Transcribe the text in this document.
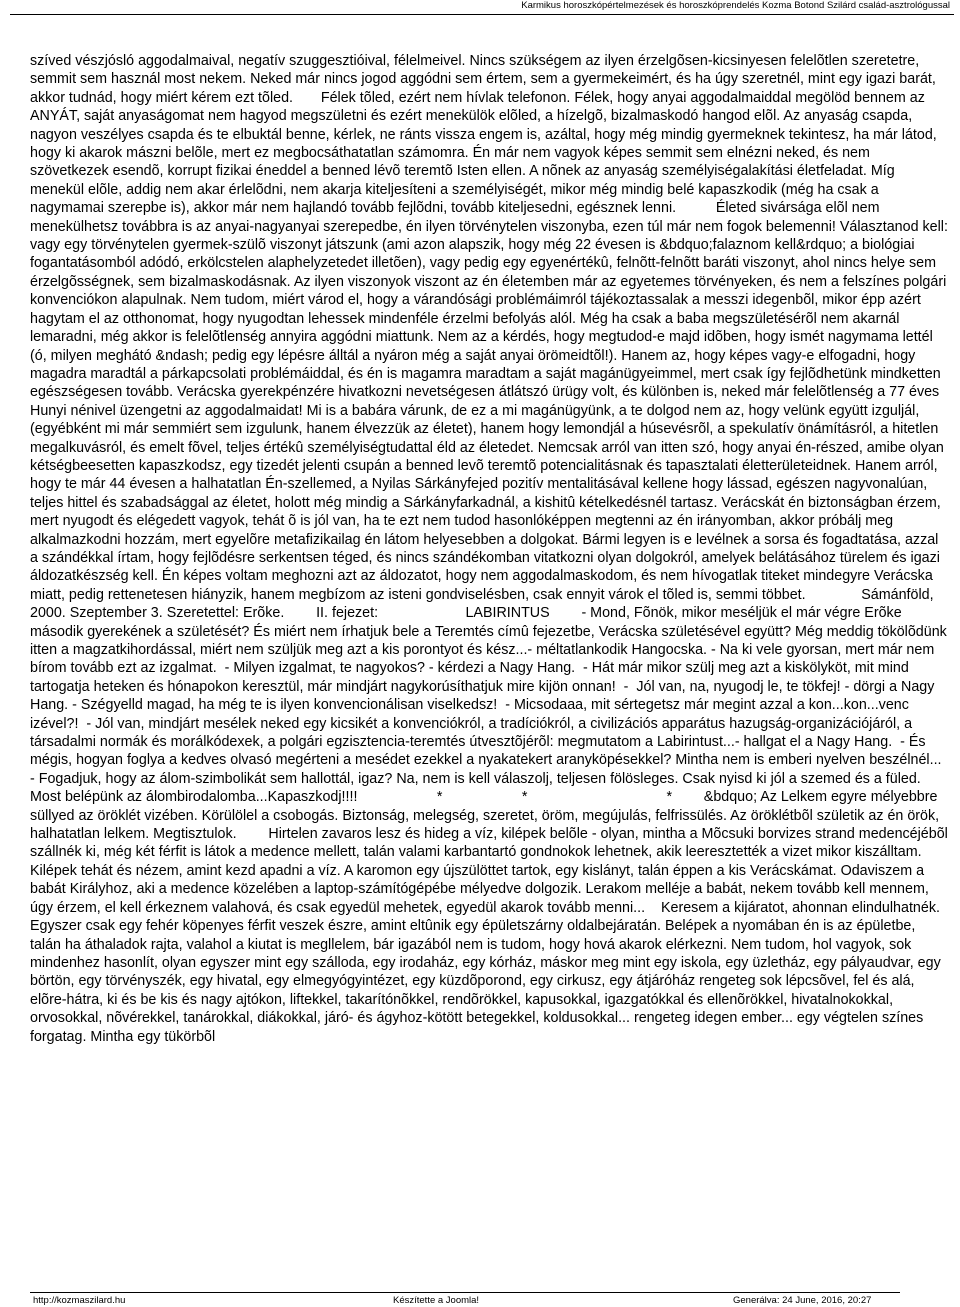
Karmikus horoszkópértelmezések és horoszkóprendelés Kozma Botond Szilárd család-asztrológussal
szíved vészjósló aggodalmaival, negatív szuggesztióival, félelmeivel. Nincs szükségem az ilyen érzelgõsen-kicsinyesen felelõtlen szeretetre, semmit sem használ most nekem. Neked már nincs jogod aggódni sem értem, sem a gyermekeimért, és ha úgy szeretnél, mint egy igazi barát, akkor tudnád, hogy miért kérem ezt tõled.       Félek tõled, ezért nem hívlak telefonon. Félek, hogy anyai aggodalmaiddal megölöd bennem az ANYÁT, saját anyaságomat nem hagyod megszületni és ezért menekülök elõled, a hízelgõ, bizalmaskodó hangod elõl. Az anyaság csapda, nagyon veszélyes csapda és te elbuktál benne, kérlek, ne ránts vissza engem is, azáltal, hogy még mindig gyermeknek tekintesz, ha már látod, hogy ki akarok mászni belõle, mert ez megbocsáthatatlan számomra. Én már nem vagyok képes semmit sem elnézni neked, és nem szövetkezek esendõ, korrupt fizikai éneddel a benned lévõ teremtõ Isten ellen. A nõnek az anyaság személyiségalakítási életfeladat. Míg menekül elõle, addig nem akar érlelõdni, nem akarja kiteljesíteni a személyiségét, mikor még mindig belé kapaszkodik (még ha csak a nagymamai szerepbe is), akkor már nem hajlandó tovább fejlõdni, tovább kiteljesedni, egésznek lenni.          Életed sivársága elõl nem menekülhetsz továbbra is az anyai-nagyanyai szerepedbe, én ilyen törvénytelen viszonyba, ezen túl már nem fogok belemenni! Választanod kell: vagy egy törvénytelen gyermek-szülõ viszonyt játszunk (ami azon alapszik, hogy még 22 évesen is &bdquo;falaznom kell&rdquo; a biológiai fogantatásomból adódó, erkölcstelen alaphelyzetedet illetõen), vagy pedig egy egyenértékû, felnõtt-felnõtt baráti viszonyt, ahol nincs helye sem érzelgõsségnek, sem bizalmaskodásnak. Az ilyen viszonyok viszont az én életemben már az egyetemes törvényeken, és nem a felszínes polgári konvenciókon alapulnak. Nem tudom, miért várod el, hogy a várandósági problémáimról tájékoztassalak a messzi idegenbõl, mikor épp azért hagytam el az otthonomat, hogy nyugodtan lehessek mindenféle érzelmi befolyás alól. Még ha csak a baba megszületésérõl nem akarnál lemaradni, még akkor is felelõtlenség annyira aggódni miattunk. Nem az a kérdés, hogy megtudod-e majd idõben, hogy ismét nagymama lettél (ó, milyen meghátó &ndash; pedig egy lépésre álltál a nyáron még a saját anyai örömeidtõl!). Hanem az, hogy képes vagy-e elfogadni, hogy magadra maradtál a párkapcsolati problémáiddal, és én is magamra maradtam a saját magánügyeimmel, mert csak így fejlõdhetünk mindketten egészségesen tovább. Verácska gyerekpénzére hivatkozni nevetségesen átlátszó ürügy volt, és különben is, neked már felelõtlenség a 77 éves Hunyi nénivel üzengetni az aggodalmaidat! Mi is a babára várunk, de ez a mi magánügyünk, a te dolgod nem az, hogy velünk együtt izguljál, (egyébként mi már semmiért sem izgulunk, hanem élvezzük az életet), hanem hogy lemondjál a húsevésrõl, a spekulatív önámításról, a hitetlen megalkuvásról, és emelt fõvel, teljes értékû személyiségtudattal éld az életedet. Nemcsak arról van itten szó, hogy anyai én-részed, amibe olyan kétségbeesetten kapaszkodsz, egy tizedét jelenti csupán a benned levõ teremtõ potencialitásnak és tapasztalati életterületeidnek. Hanem arról, hogy te már 44 évesen a halhatatlan Én-szellemed, a Nyilas Sárkányfejed pozitív mentalitásával kellene hogy lássad, egészen nagyvonalúan, teljes hittel és szabadsággal az életet, holott még mindig a Sárkányfarkadnál, a kishitû kételkedésnél tartasz. Verácskát én biztonságban érzem, mert nyugodt és elégedett vagyok, tehát õ is jól van, ha te ezt nem tudod hasonlóképpen megtenni az én irányomban, akkor próbálj meg alkalmazkodni hozzám, mert egyelõre metafizikailag én látom helyesebben a dolgokat. Bármi legyen is e levélnek a sorsa és fogadtatása, azzal a szándékkal írtam, hogy fejlõdésre serkentsen téged, és nincs szándékomban vitatkozni olyan dolgokról, amelyek belátásához türelem és igazi áldozatkészség kell. Én képes voltam meghozni azt az áldozatot, hogy nem aggodalmaskodom, és nem hívogatlak titeket mindegyre Verácska miatt, pedig rettenetesen hiányzik, hanem megbízom az isteni gondviselésben, csak ennyit várok el tõled is, semmi többet.              Sámánföld, 2000. Szeptember 3. Szeretettel: Erõke.        II. fejezet:                      LABIRINTUS        - Mond, Fõnök, mikor meséljük el már végre Erõke második gyerekének a születését? És miért nem írhatjuk bele a Teremtés címû fejezetbe, Verácska születésével együtt? Még meddig tökölõdünk itten a magzatkihordással, miért nem szüljük meg azt a kis porontyot és kész...- méltatlankodik Hangocska. - Na ki vele gyorsan, mert már nem bírom tovább ezt az izgalmat.  - Milyen izgalmat, te nagyokos? - kérdezi a Nagy Hang.  - Hát már mikor szülj meg azt a kiskölyköt, mit mind tartogatja heteken és hónapokon keresztül, már mindjárt nagykorúsíthatjuk mire kijön onnan!  -  Jól van, na, nyugodj le, te tökfej! - dörgi a Nagy Hang. - Szégyelld magad, ha még te is ilyen konvencionálisan viselkedsz!  - Micsodaaa, mit sértegetsz már megint azzal a kon...kon...venc izével?!  - Jól van, mindjárt mesélek neked egy kicsikét a konvenciókról, a tradíciókról, a civilizációs apparátus hazugság-organizációjáról, a társadalmi normák és morálkódexek, a polgári egzisztencia-teremtés útvesztõjérõl: megmutatom a Labirintust...- hallgat el a Nagy Hang.  - És mégis, hogyan foglya a kedves olvasó megérteni a mesédet ezekkel a nyakatekert aranyköpésekkel? Mintha nem is emberi nyelven beszélnél...  - Fogadjuk, hogy az álom-szimbolikát sem hallottál, igaz? Na, nem is kell válaszolj, teljesen fölösleges. Csak nyisd ki jól a szemed és a füled. Most belépünk az álombirodalomba...Kapaszkodj!!!!                    *                    *                                   *        &bdquo; Az Lelkem egyre mélyebbre süllyed az öröklét vizében. Körülölel a csobogás. Biztonság, melegség, szeretet, öröm, megújulás, felfrissülés. Az öröklétbõl születik az én örök, halhatatlan lelkem. Megtisztulok.        Hirtelen zavaros lesz és hideg a víz, kilépek belõle - olyan, mintha a Mõcsuki borvizes strand medencéjébõl szállnék ki, még két férfit is látok a medence mellett, talán valami karbantartó gondnokok lehetnek, akik leeresztették a vizet mikor kiszálltam. Kilépek tehát és nézem, amint kezd apadni a víz. A karomon egy újszülöttet tartok, egy kislányt, talán éppen a kis Verácskámat. Odaviszem a babát Királyhoz, aki a medence közelében a laptop-számítógépébe mélyedve dolgozik. Lerakom melléje a babát, nekem tovább kell mennem, úgy érzem, el kell érkeznem valahová, és csak egyedül mehetek, egyedül akarok tovább menni...    Keresem a kijáratot, ahonnan elindulhatnék. Egyszer csak egy fehér köpenyes férfit veszek észre, amint eltûnik egy épületszárny oldalbejáratán. Belépek a nyomában én is az épületbe, talán ha áthaladok rajta, valahol a kiutat is megllelem, bár igazából nem is tudom, hogy hová akarok elérkezni. Nem tudom, hol vagyok, sok mindenhez hasonlít, olyan egyszer mint egy szálloda, egy irodaház, egy kórház, máskor meg mint egy iskola, egy üzletház, egy pályaudvar, egy börtön, egy törvényszék, egy hivatal, egy elmegyógyintézet, egy küzdõporond, egy cirkusz, egy átjáróház rengeteg sok lépcsõvel, fel és alá, elõre-hátra, ki és be kis és nagy ajtókon, liftekkel, takarítónõkkel, rendõrökkel, kapusokkal, igazgatókkal és ellenõrökkel, hivatalnokokkal, orvosokkal, nõvérekkel, tanárokkal, diákokkal, járó- és ágyhoz-kötött betegekkel, koldusokkal... rengeteg idegen ember... egy végtelen színes forgatag. Mintha egy tükörbõl
http://kozmaszilard.hu	Készítette a Joomla!	Generálva: 24 June, 2016, 20:27
